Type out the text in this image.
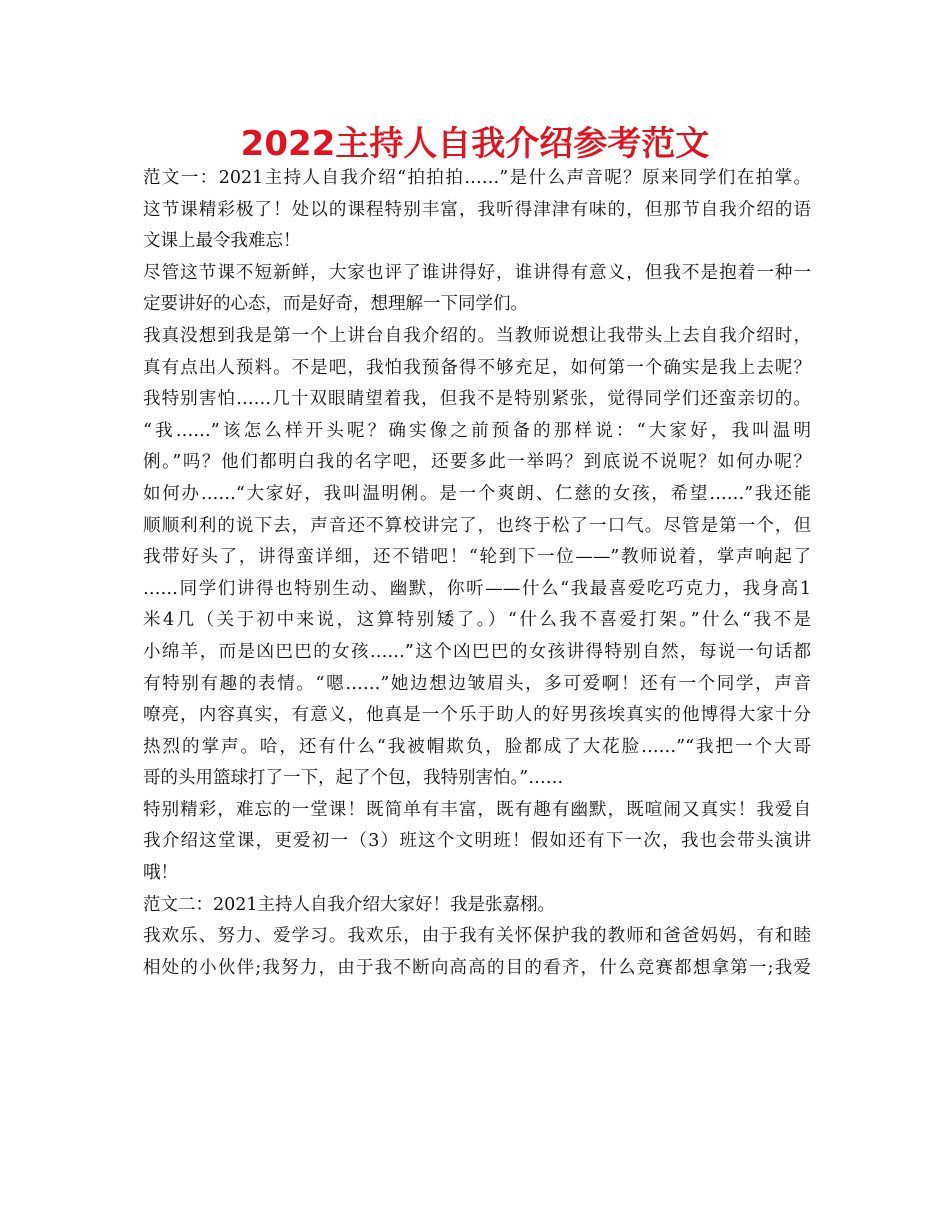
2022主持人自我介绍参考范文
范文一：2021主持人自我介绍“拍拍拍……”是什么声音呢？原来同学们在拍掌。
这节课精彩极了！处以的课程特别丰富，我听得津津有味的，但那节自我介绍的语
文课上最令我难忘！
尽管这节课不短新鲜，大家也评了谁讲得好，谁讲得有意义，但我不是抱着一种一
定要讲好的心态，而是好奇，想理解一下同学们。
我真没想到我是第一个上讲台自我介绍的。当教师说想让我带头上去自我介绍时，
真有点出人预料。不是吧，我怕我预备得不够充足，如何第一个确实是我上去呢？
我特别害怕……几十双眼睛望着我，但我不是特别紧张，觉得同学们还蛮亲切的。
“我……”该怎么样开头呢？确实像之前预备的那样说：“大家好，我叫温明
俐。”吗？他们都明白我的名字吧，还要多此一举吗？到底说不说呢？如何办呢？
如何办……“大家好，我叫温明俐。是一个爽朗、仁慈的女孩，希望……”我还能
顺顺利利的说下去，声音还不算校讲完了，也终于松了一口气。尽管是第一个，但
我带好头了，讲得蛮详细，还不错吧！“轮到下一位——”教师说着，掌声响起了
……同学们讲得也特别生动、幽默，你听——什么“我最喜爱吃巧克力，我身高1
米4几（关于初中来说，这算特别矮了。）“什么我不喜爱打架。”什么“我不是
小绵羊，而是凶巴巴的女孩……”这个凶巴巴的女孩讲得特别自然，每说一句话都
有特别有趣的表情。“嗯……”她边想边皱眉头，多可爱啊！还有一个同学，声音
嘹亮，内容真实，有意义，他真是一个乐于助人的好男孩埃真实的他博得大家十分
热烈的掌声。哈，还有什么“我被帽欺负，脸都成了大花脸……”“我把一个大哥
哥的头用篮球打了一下，起了个包，我特别害怕。”……
特别精彩，难忘的一堂课！既简单有丰富，既有趣有幽默，既喧闹又真实！我爱自
我介绍这堂课，更爱初一（3）班这个文明班！假如还有下一次，我也会带头演讲
哦！
范文二：2021主持人自我介绍大家好！我是张嘉栩。
我欢乐、努力、爱学习。我欢乐，由于我有关怀保护我的教师和爸爸妈妈，有和睦
相处的小伙伴;我努力，由于我不断向高高的目的看齐，什么竞赛都想拿第一;我爱
